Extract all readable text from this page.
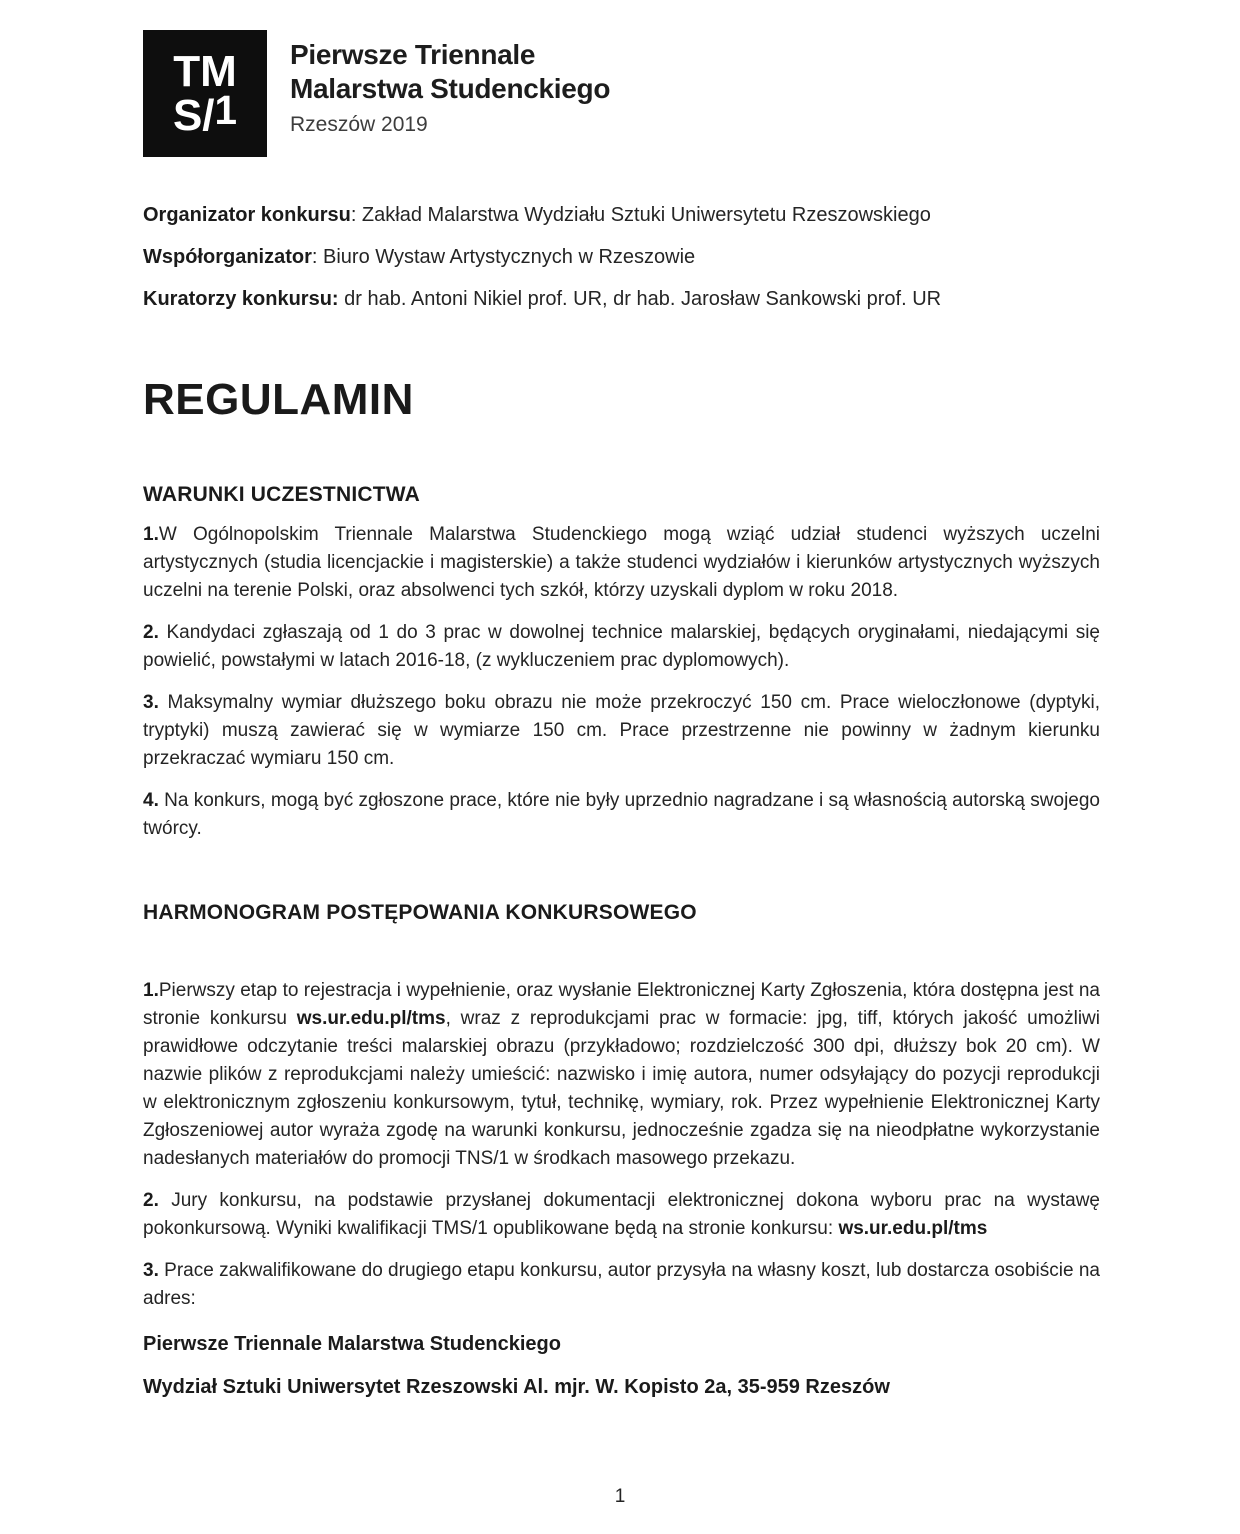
TM
S/1
Pierwsze Triennale
Malarstwa Studenckiego
Rzeszów 2019

Organizator konkursu: Zakład Malarstwa Wydziału Sztuki Uniwersytetu Rzeszowskiego

Współorganizator: Biuro Wystaw Artystycznych w Rzeszowie

Kuratorzy konkursu: dr hab. Antoni Nikiel prof. UR, dr hab. Jarosław Sankowski prof. UR

REGULAMIN
WARUNKI UCZESTNICTWA

1.W Ogólnopolskim Triennale Malarstwa Studenckiego mogą wziąć udział studenci wyższych uczelni artystycznych (studia licencjackie i magisterskie) a także studenci wydziałów i kierunków artystycznych wyższych uczelni na terenie Polski, oraz absolwenci tych szkół, którzy uzyskali dyplom w roku 2018.

2. Kandydaci zgłaszają od 1 do 3 prac w dowolnej technice malarskiej, będących oryginałami, niedającymi się powielić, powstałymi w latach 2016-18, (z wykluczeniem prac dyplomowych).

3. Maksymalny wymiar dłuższego boku obrazu nie może przekroczyć 150 cm. Prace wieloczłonowe (dyptyki, tryptyki) muszą zawierać się w wymiarze 150 cm. Prace przestrzenne nie powinny w żadnym kierunku przekraczać wymiaru 150 cm.

4. Na konkurs, mogą być zgłoszone prace, które nie były uprzednio nagradzane i są własnością autorską swojego twórcy.

HARMONOGRAM POSTĘPOWANIA KONKURSOWEGO

1.Pierwszy etap to rejestracja i wypełnienie, oraz wysłanie Elektronicznej Karty Zgłoszenia, która dostępna jest na stronie konkursu ws.ur.edu.pl/tms, wraz z reprodukcjami prac w formacie: jpg, tiff, których jakość umożliwi prawidłowe odczytanie treści malarskiej obrazu (przykładowo; rozdzielczość 300 dpi, dłuższy bok 20 cm). W nazwie plików z reprodukcjami należy umieścić: nazwisko i imię autora, numer odsyłający do pozycji reprodukcji w elektronicznym zgłoszeniu konkursowym, tytuł, technikę, wymiary, rok. Przez wypełnienie Elektronicznej Karty Zgłoszeniowej autor wyraża zgodę na warunki konkursu, jednocześnie zgadza się na nieodpłatne wykorzystanie nadesłanych materiałów do promocji TNS/1 w środkach masowego przekazu.

2. Jury konkursu, na podstawie przysłanej dokumentacji elektronicznej dokona wyboru prac na wystawę pokonkursową. Wyniki kwalifikacji TMS/1 opublikowane będą na stronie konkursu: ws.ur.edu.pl/tms

3. Prace zakwalifikowane do drugiego etapu konkursu, autor przysyła na własny koszt, lub dostarcza osobiście na adres:

Pierwsze Triennale Malarstwa Studenckiego

Wydział Sztuki Uniwersytet Rzeszowski Al. mjr. W. Kopisto 2a, 35-959 Rzeszów

1
